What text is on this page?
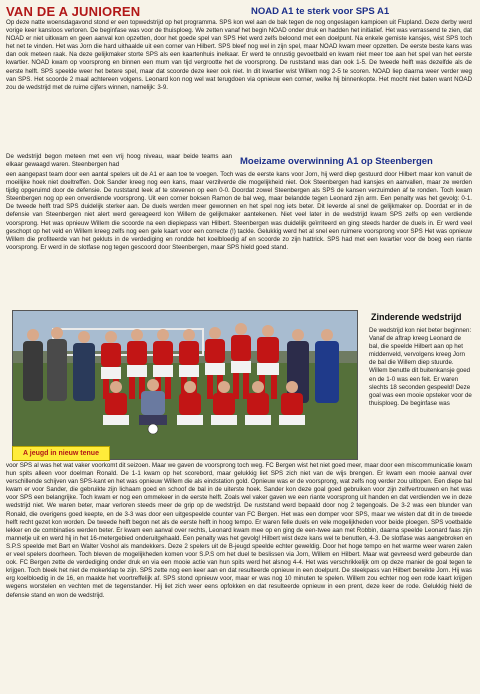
VAN DE A JUNIOREN	NOAD A1 te sterk voor SPS A1

Op deze natte woensdagavond stond er een topwedstrijd op het programma. SPS kon wel aan de bak tegen de nog ongeslagen kampioen uit Flupland. Deze derby werd vorige keer kansloos verloren. De beginfase was voor de thuisploeg. We zetten vanaf het begin NOAD onder druk en hadden het initiatief. Het was verrassend te zien, dat NOAD er niet uitkwam en geen aanval kon opzetten, door het goede spel van SPS Het werd zelfs beloond met een doelpunt. Na enkele gemiste kansjes, wist SPS toch het net te vinden. Het was Jorn die hard uithaalde uit een corner van Hilbert. SPS bleef nog wel in zijn spel, maar NOAD kwam meer opzetten. De eerste beste kans was dan ook meteen raak. Na deze gelijkmaker storte SPS als een kaartenhuis inelkaar. Er werd te onrustig gevoetbald en kwam niet meer toe aan het spel van het eerste kwartier. NOAD kwam op voorsprong en binnen een mum van tijd vergrootte het de voorsprong. De ruststand was dan ook 1-5. De tweede helft was dezelfde als de eerste helft. SPS speelde weer het betere spel, maar dat scoorde deze keer ook niet. In dit kwartier wist Willem nog 2-5 te scoren. NOAD liep daarna weer verder weg van SPS. Het scoorde 2 maal achtereen volgens. Leonard kon nog wel wat terugdoen via opnieuw een corner, welke hij binnenkopte. Het mocht niet baten want NOAD zou de wedstrijd met de ruime cijfers winnen, namelijk: 3-9.

De wedstrijd begon meteen met een vrij hoog niveau, waar beide teams aan elkaar gewaagd waren. Steenbergen had	Moeizame overwinning A1 op Steenbergen

een aangepast team door een aantal spelers uit de A1 er aan toe te voegen. Toch was de eerste kans voor Jorn, hij werd diep gestuurd door Hilbert maar kon vanuit de moeilijke hoek niet doeltreffen. Ook Sander kreeg nog een kans, maar verzilverde die mogelijkheid niet. Ook Steenbergen had kansjes en aanvallen, maar ze werden tijdig opgeruimd door de defensie. De ruststand leek af te stevenen op een 0-0. Doordat zowel Steenbergen als SPS de kansen verzuimden af te ronden. Toch kwam Steenbergen nog op een onverdiende voorsprong. Uit een corner boksen Ramon de bal weg, maar belandde tegen Leonard zijn arm. Een penalty was het gevolg: 0-1. De tweede helft trad SPS duidelijk sterker aan. De duels werden meer gewonnen en het spel nog iets beter. Dit leverde al snel de gelijkmaker op. Doordat er in de defensie van Steenbergen niet alert werd gereageerd kon Willem de gelijkmaker aantekenen. Niet veel later in de wedstrijd kwam SPS zelfs op een verdiende voorsprong. Het was opnieuw Willem die scoorde na een diepiepass van Hilbert. Steenbergen was duidelijk geïrriteerd en ging steeds harder de duels in. Er werd veel geschopt op het veld en Willem kreeg zelfs nog een gele kaart voor een correcte (!) tackle. Gelukkig werd het al snel een ruimere voorsprong voor SPS Het was opnieuw Willem die profiteerde van het gekluts in de verdediging en rondde het koelbloedig af en scoorde zo zijn hattrick. SPS had met een kwartier voor de boeg een riante voorsprong. Er werd in de slotfase nog tegen gescoord door Steenbergen, maar SPS hield goed stand.

A jeugd in nieuw tenue
Zinderende wedstrijd

De wedstrijd kon niet beter beginnen: Vanaf de aftrap kreeg Leonard de bal, die speelde Hilbert aan op het middenveld, vervolgens kreeg Jorn de bal die Willem diep stuurde. Willem benutte dit buitenkansje goed en de 1-0 was een feit. Er waren slechts 18 seconden gespeeld! Deze goal was een mooie opsteker voor de thuisploeg. De beginfase was

voor SPS al was het wat vaker voorkomt dit seizoen. Maar we gaven de voorsprong toch weg. FC Bergen wist het niet goed meer, maar door een miscommunicatie kwam hun spits alleen voor doelman Ronald. De 1-1 kwam op het scorebord, maar gelukkig liet SPS zich niet van de wijs brengen. Er kwam een mooie aanval over verschillende schijven van SPS-kant en het was opnieuw Willem die als eindstation gold. Opnieuw was er de voorsprong, wat zelfs nog verder zou uitlopen. Een diepe bal kwam er voor Sander, die gebruikte zijn lichaam goed en schoof de bal in de uiterste hoek. Sander kon deze goal goed gebruiken voor zijn zelfvertrouwen en het was voor SPS een belangrijke. Toch kwam er nog een ommekeer in de eerste helft. Zoals wel vaker gaven we een riante voorsprong uit handen en dat verdienden we in deze wedstrijd niet. We waren beter, maar verloren steeds meer de grip op de wedstrijd. De ruststand werd bepaald door nog 2 tegengoals. De 3-2 was een blunder van Ronald, die overigens goed keepte, en de 3-3 was door een uitgespeelde counter van FC Bergen. Het was een domper voor SPS, maar we wisten dat dit in de tweede helft recht gezet kon worden. De tweede helft begon net als de eerste helft in hoog tempo. Er waren felle duels en vele mogelijkheden voor beide ploegen. SPS voetbalde lekker en de combinaties werden beter. Er kwam een aanval over rechts, Leonard kwam mee op en ging de een-twee aan met Robbin, daarna speelde Leonard faas zijn mannetje uit en werd hij in het 16-metergebied onderuitgehaald. Een penalty was het gevolg! Hilbert wist deze kans wel te benutten, 4-3. De slotfase was aangebroken en S.P.S speelde met Bart en Walter Voshol als mandekkers. Deze 2 spelers uit de B-jeugd speelde echter geweldig. Door het hoge tempo en het warme weer waren zalen er veel spelers doorheen. Toch bleven de mogelijkheden komen voor S.P.S om het duel te beslissen via Jorn, Willem en Hilbert. Maar wat gevreesd werd gebeurde dan ook. FC Bergen zette de verdediging onder druk en via een mooie actie van hun spits werd het alsnog 4-4. Het was verschrikkelijk om op deze manier de goal tegen te krijgen. Toch bleek het niet de mokerklap te zijn. SPS zette nog een keer aan en dat resulteerde opnieuw in een doelpunt. De steekpass van Hilbert bereikte Jorn. Hij was erg koelbloedig in de 16, en maakte het voortreffelijk af. SPS stond opnieuw voor, maar er was nog 10 minuten te spelen. Willem zou echter nog een rode kaart krijgen wegens worstelen en vechten met de tegenstander. Hij liet zich weer eens opfokken en dat resulteerde opnieuw in een prent, deze keer de rode. Gelukkig hield de defensie stand en won de wedstrijd.
